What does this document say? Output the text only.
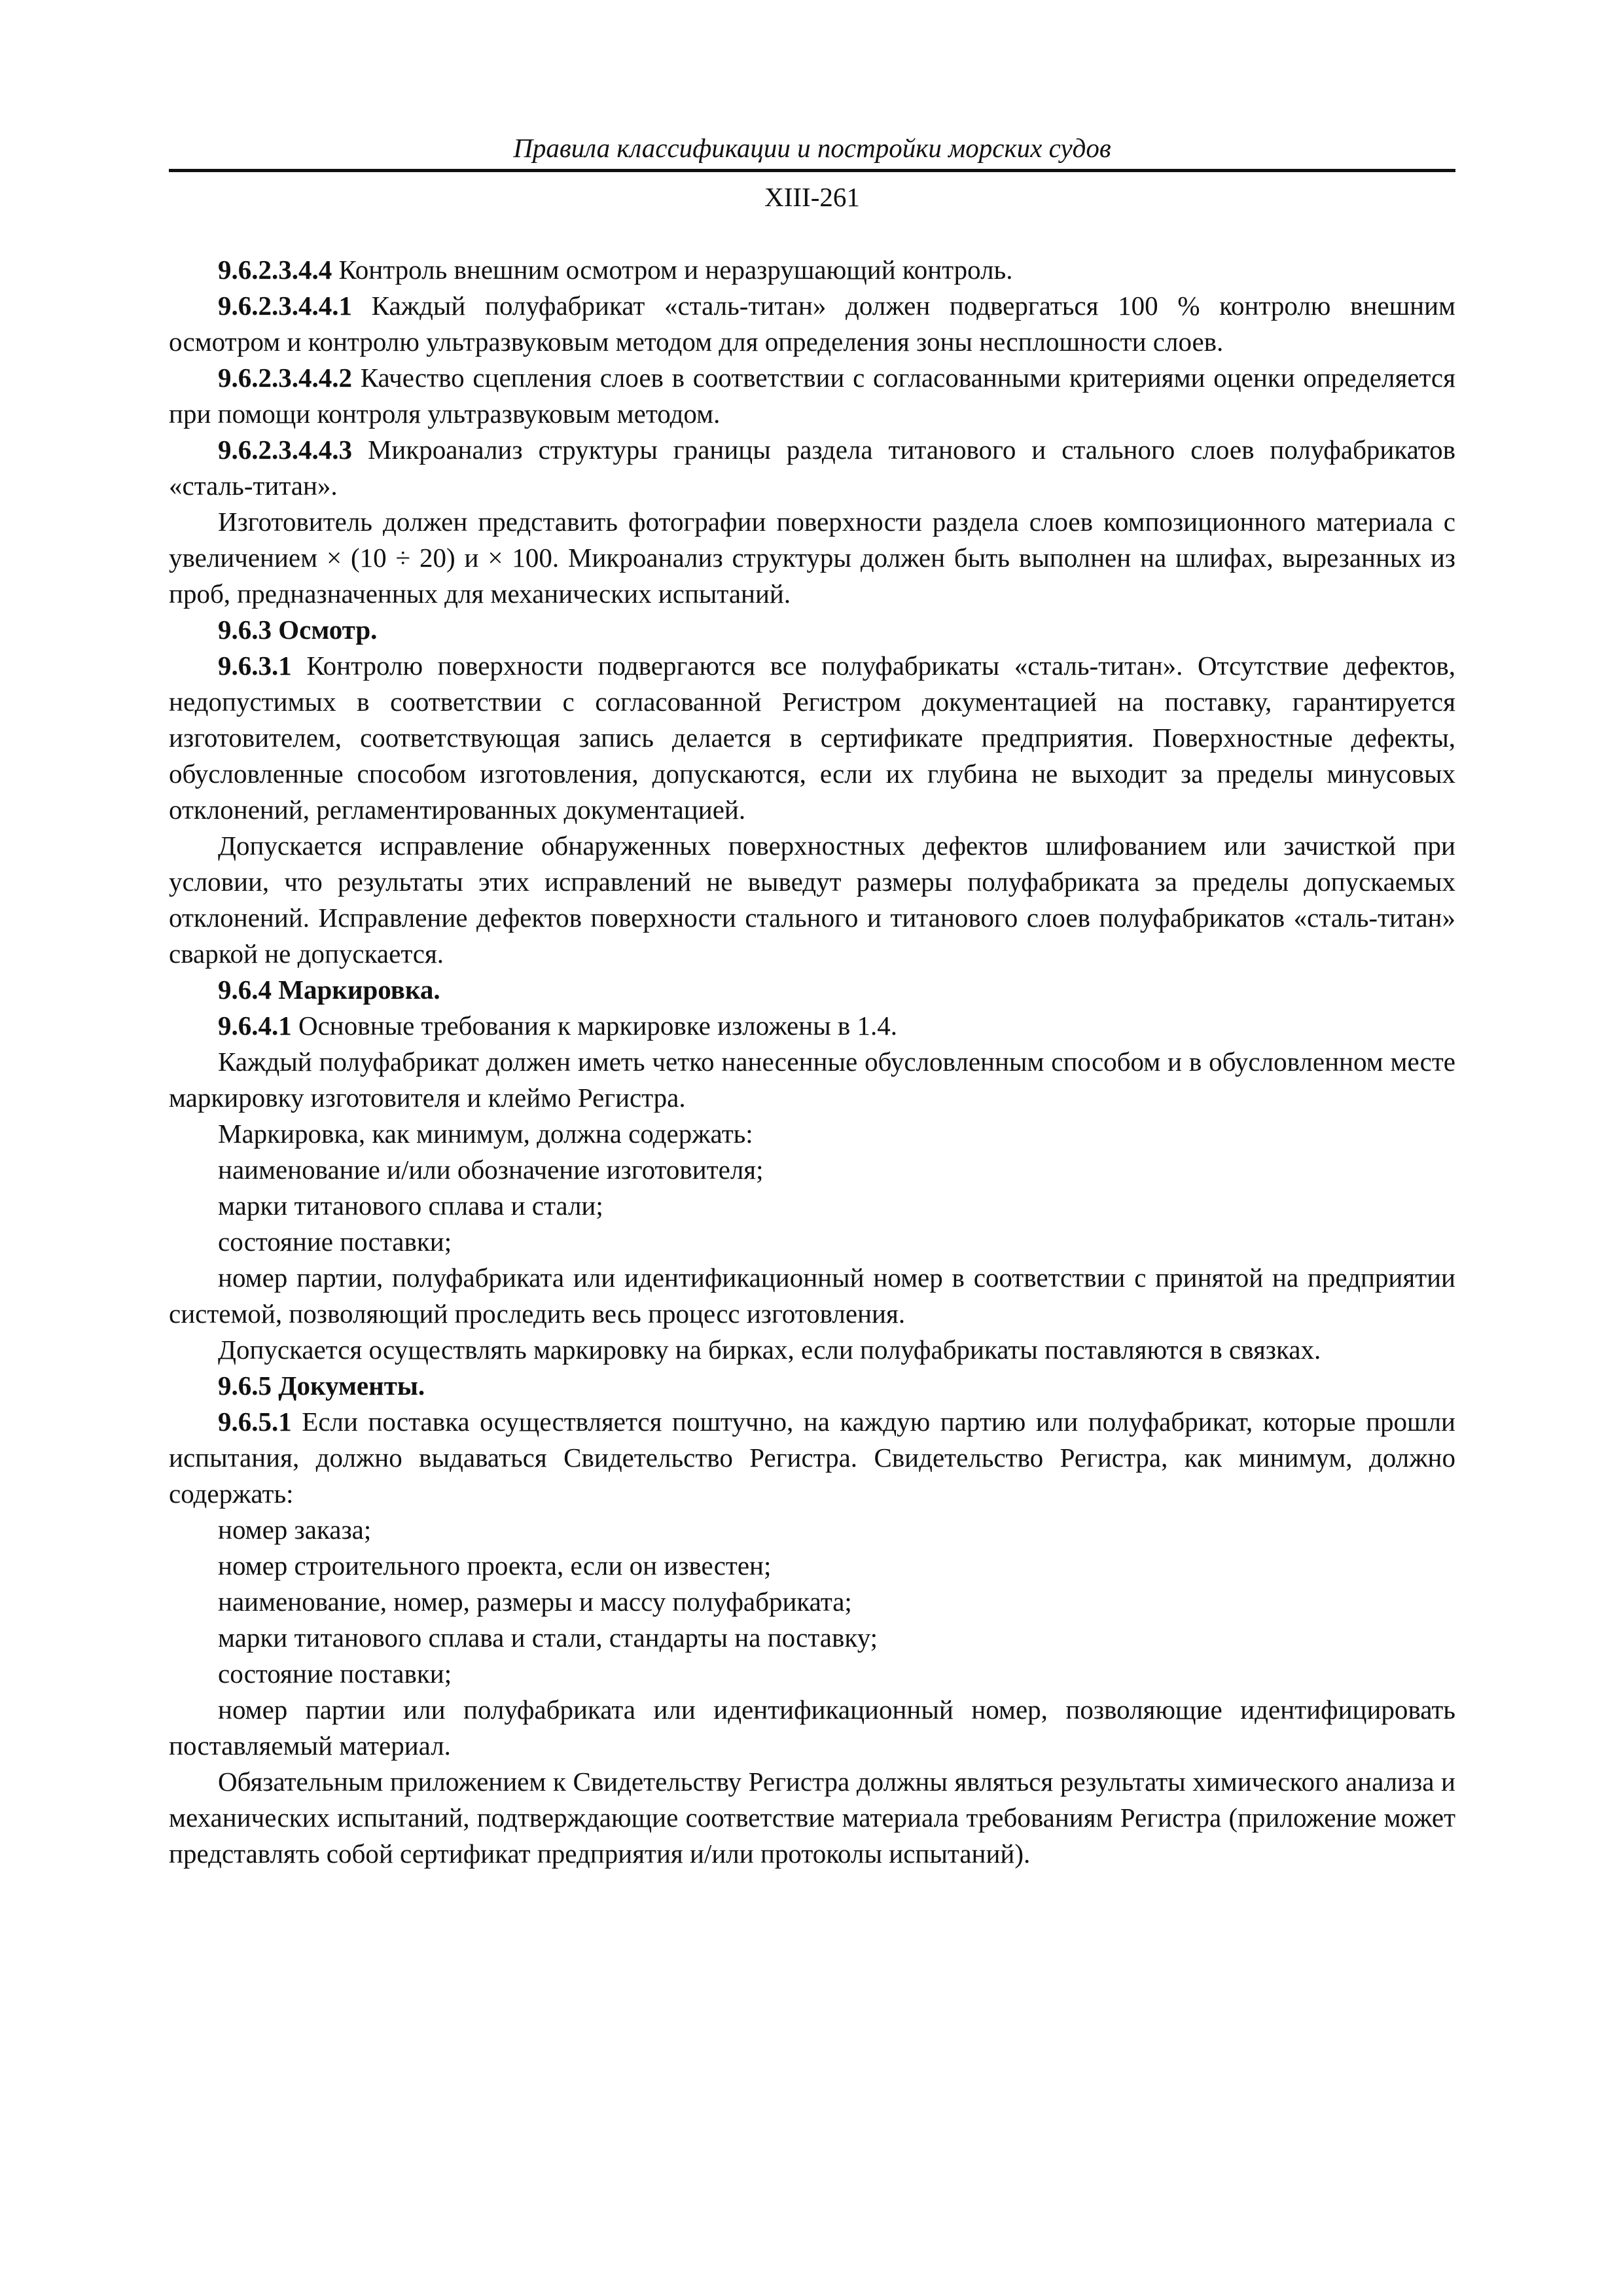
Правила классификации и постройки морских судов

XIII-261

9.6.2.3.4.4 Контроль внешним осмотром и неразрушающий контроль.

9.6.2.3.4.4.1 Каждый полуфабрикат «сталь-титан» должен подвергаться 100 % контролю внешним осмотром и контролю ультразвуковым методом для определения зоны несплошности слоев.

9.6.2.3.4.4.2 Качество сцепления слоев в соответствии с согласованными критериями оценки определяется при помощи контроля ультразвуковым методом.

9.6.2.3.4.4.3 Микроанализ структуры границы раздела титанового и стального слоев полуфабрикатов «сталь-титан».

Изготовитель должен представить фотографии поверхности раздела слоев композиционного материала с увеличением × (10 ÷ 20) и × 100. Микроанализ структуры должен быть выполнен на шлифах, вырезанных из проб, предназначенных для механических испытаний.

9.6.3 Осмотр.

9.6.3.1 Контролю поверхности подвергаются все полуфабрикаты «сталь-титан». Отсутствие дефектов, недопустимых в соответствии с согласованной Регистром документацией на поставку, гарантируется изготовителем, соответствующая запись делается в сертификате предприятия. Поверхностные дефекты, обусловленные способом изготовления, допускаются, если их глубина не выходит за пределы минусовых отклонений, регламентированных документацией.

Допускается исправление обнаруженных поверхностных дефектов шлифованием или зачисткой при условии, что результаты этих исправлений не выведут размеры полуфабриката за пределы допускаемых отклонений. Исправление дефектов поверхности стального и титанового слоев полуфабрикатов «сталь-титан» сваркой не допускается.

9.6.4 Маркировка.

9.6.4.1 Основные требования к маркировке изложены в 1.4.

Каждый полуфабрикат должен иметь четко нанесенные обусловленным способом и в обусловленном месте маркировку изготовителя и клеймо Регистра.

Маркировка, как минимум, должна содержать:

наименование и/или обозначение изготовителя;

марки титанового сплава и стали;

состояние поставки;

номер партии, полуфабриката или идентификационный номер в соответствии с принятой на предприятии системой, позволяющий проследить весь процесс изготовления.

Допускается осуществлять маркировку на бирках, если полуфабрикаты поставляются в связках.

9.6.5 Документы.

9.6.5.1 Если поставка осуществляется поштучно, на каждую партию или полуфабрикат, которые прошли испытания, должно выдаваться Свидетельство Регистра. Свидетельство Регистра, как минимум, должно содержать:

номер заказа;

номер строительного проекта, если он известен;

наименование, номер, размеры и массу полуфабриката;

марки титанового сплава и стали, стандарты на поставку;

состояние поставки;

номер партии или полуфабриката или идентификационный номер, позволяющие идентифицировать поставляемый материал.

Обязательным приложением к Свидетельству Регистра должны являться результаты химического анализа и механических испытаний, подтверждающие соответствие материала требованиям Регистра (приложение может представлять собой сертификат предприятия и/или протоколы испытаний).
